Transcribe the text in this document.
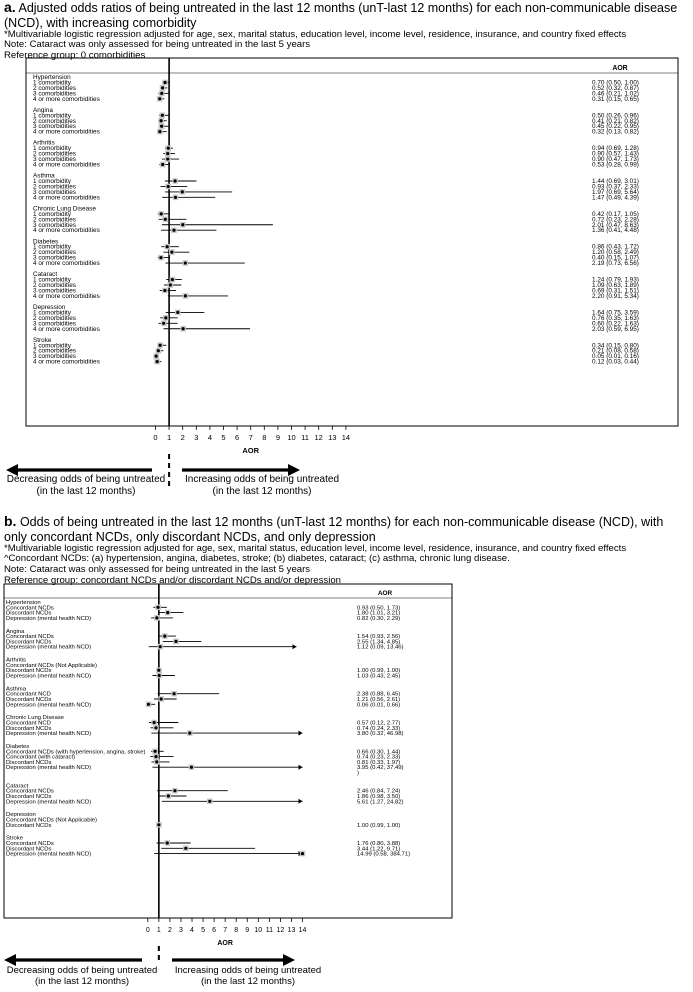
a. Adjusted odds ratios of being untreated in the last 12 months (unT-last 12 months) for each non-communicable disease (NCD), with increasing comorbidity
*Multivariable logistic regression adjusted for age, sex, marital status, education level, income level, residence, insurance, and country fixed effects
Note: Cataract was only assessed for being untreated in the last 5 years
Reference group: 0 comorbidities
AOR
Hypertension
1 comorbidity	0.70 (0.50, 1.00)
2 comorbidities	0.52 (0.32, 0.87)
3 comorbidities	0.46 (0.21, 1.02)
4 or more comorbidities	0.31 (0.15, 0.65)
Angina
1 comorbidity	0.50 (0.26, 0.96)
2 comorbidities	0.41 (0.21, 0.82)
3 comorbidities	0.45 (0.22, 0.95)
4 or more comorbidities	0.32 (0.13, 0.82)
Arthritis
1 comorbidity	0.94 (0.69, 1.28)
2 comorbidities	0.90 (0.57, 1.43)
3 comorbidities	0.90 (0.47, 1.73)
4 or more comorbidities	0.53 (0.28, 0.99)
Asthma
1 comorbidity	1.44 (0.69, 3.01)
2 comorbidities	0.93 (0.37, 2.33)
3 comorbidities	1.97 (0.69, 5.64)
4 or more comorbidities	1.47 (0.49, 4.39)
Chronic Lung Disease
1 comorbidity	0.42 (0.17, 1.05)
2 comorbidities	0.72 (0.23, 2.28)
3 comorbidities	2.01 (0.47, 8.63)
4 or more comorbidities	1.36 (0.41, 4.48)
Diabetes
1 comorbidity	0.86 (0.43, 1.72)
2 comorbidities	1.20 (0.58, 2.49)
3 comorbidities	0.40 (0.15, 1.07)
4 or more comorbidities	2.19 (0.73, 6.56)
Cataract
1 comorbidity	1.24 (0.79, 1.93)
2 comorbidities	1.09 (0.63, 1.89)
3 comorbidities	0.69 (0.31, 1.51)
4 or more comorbidities	2.20 (0.91, 5.34)
Depression
1 comorbidity	1.64 (0.75, 3.59)
2 comorbidities	0.76 (0.35, 1.63)
3 comorbidities	0.60 (0.22, 1.63)
4 or more comorbidities	2.03 (0.59, 6.95)
Stroke
1 comorbidity	0.34 (0.15, 0.80)
2 comorbidities	0.21 (0.08, 0.58)
3 comorbidities	0.05 (0.01, 0.16)
4 or more comorbidities	0.12 (0.03, 0.44)
0 1 2 3 4 5 6 7 8 9 10 11 12 13 14
AOR
Decreasing odds of being untreated
(in the last 12 months)
Increasing odds of being untreated
(in the last 12 months)
b. Odds of being untreated in the last 12 months (unT-last 12 months) for each non-communicable disease (NCD), with only concordant NCDs, only discordant NCDs, and only depression
*Multivariable logistic regression adjusted for age, sex, marital status, education level, income level, residence, insurance, and country fixed effects
^Concordant NCDs: (a) hypertension, angina, diabetes, stroke; (b) diabetes, cataract; (c) asthma, chronic lung disease.
Note: Cataract was only assessed for being untreated in the last 5 years
Reference group: concordant NCDs and/or discordant NCDs and/or depression
AOR
Hypertension
Concordant NCDs	0.93 (0.50, 1.73)
Discordant NCDs	1.80 (1.01, 3.21)
Depression (mental health NCD)	0.82 (0.30, 2.29)
Angina
Concordant NCDs	1.54 (0.93, 2.56)
Discordant NCDs	2.55 (1.34, 4.85)
Depression (mental health NCD)	1.12 (0.09, 13.46)
Arthritis
Concordant NCDs (Not Applicable)
Discordant NCDs	1.00 (0.99, 1.00)
Depression (mental health NCD)	1.03 (0.43, 2.45)
Asthma
Concordant NCD	2.38 (0.88, 6.45)
Discordant NCDs	1.21 (0.56, 2.61)
Depression (mental health NCD)	0.06 (0.01, 0.66)
Chronic Lung Disease
Concordant NCD	0.57 (0.12, 2.77)
Discordant NCDs	0.74 (0.24, 2.33)
Depression (mental health NCD)	3.80 (0.32, 46.98)
Diabetes
Concordant NCDs (with hypertension, angina, stroke)	0.66 (0.30, 1.44)
Concordant (with cataract)	0.74 (0.23, 2.33)
Discordant NCDs	0.81 (0.33, 1.97)
Depression (mental health NCD)	3.95 (0.42, 37.49)
)
Cataract
Concordant NCDs	2.46 (0.84, 7.24)
Discordant NCDs	1.86 (0.98, 3.50)
Depression (mental health NCD)	5.61 (1.27, 24.82)
Depression
Concordant NCDs (Not Applicable)
Discordant NCDs	1.00 (0.99, 1.00)
Stroke
Concordant NCDs	1.76 (0.80, 3.88)
Discordant NCDs	3.44 (1.22, 9.71)
Depression (mental health NCD)	14.99 (0.58, 384.71)
0 1 2 3 4 5 6 7 8 9 10 11 12 13 14
AOR
Decreasing odds of being untreated
(in the last 12 months)
Increasing odds of being untreated
(in the last 12 months)
